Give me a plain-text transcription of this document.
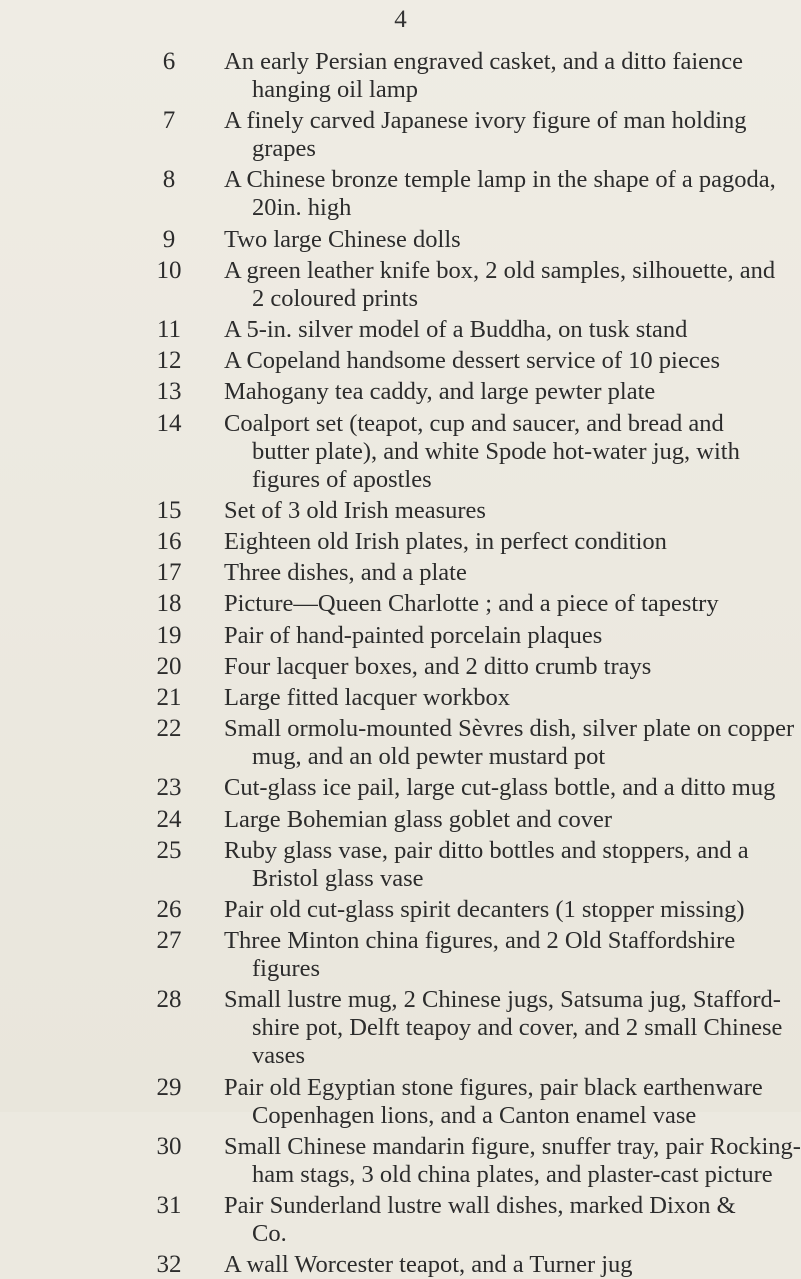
4
6	An early Persian engraved casket, and a ditto faience
hanging oil lamp
7	A finely carved Japanese ivory figure of man holding
grapes
8	A Chinese bronze temple lamp in the shape of a pagoda,
20in. high
9	Two large Chinese dolls
10	A green leather knife box, 2 old samples, silhouette, and
2 coloured prints
11	A 5-in. silver model of a Buddha, on tusk stand
12	A Copeland handsome dessert service of 10 pieces
13	Mahogany tea caddy, and large pewter plate
14	Coalport set (teapot, cup and saucer, and bread and
butter plate), and white Spode hot-water jug, with
figures of apostles
15	Set of 3 old Irish measures
16	Eighteen old Irish plates, in perfect condition
17	Three dishes, and a plate
18	Picture—Queen Charlotte ; and a piece of tapestry
19	Pair of hand-painted porcelain plaques
20	Four lacquer boxes, and 2 ditto crumb trays
21	Large fitted lacquer workbox
22	Small ormolu-mounted Sèvres dish, silver plate on copper
mug, and an old pewter mustard pot
23	Cut-glass ice pail, large cut-glass bottle, and a ditto mug
24	Large Bohemian glass goblet and cover
25	Ruby glass vase, pair ditto bottles and stoppers, and a
Bristol glass vase
26	Pair old cut-glass spirit decanters (1 stopper missing)
27	Three Minton china figures, and 2 Old Staffordshire
figures
28	Small lustre mug, 2 Chinese jugs, Satsuma jug, Stafford-
shire pot, Delft teapoy and cover, and 2 small Chinese
vases
29	Pair old Egyptian stone figures, pair black earthenware
Copenhagen lions, and a Canton enamel vase
30	Small Chinese mandarin figure, snuffer tray, pair Rocking-
ham stags, 3 old china plates, and plaster-cast picture
31	Pair Sunderland lustre wall dishes, marked Dixon &
Co.
32	A wall Worcester teapot, and a Turner jug
